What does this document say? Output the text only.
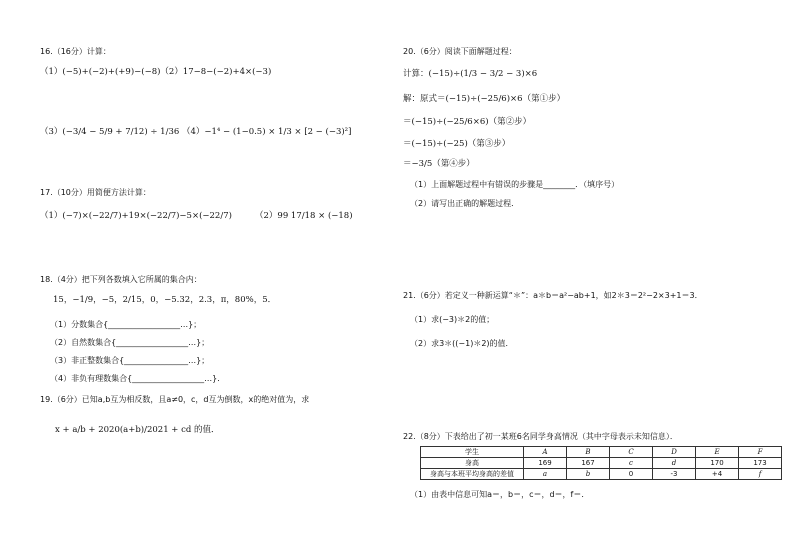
16.（16分）计算：
（1）(−5)+(−2)+(+9)−(−8)（2）17−8−(−2)+4×(−3)
（3）(−3/4 − 5/9 + 7/12) ÷ 1/36 （4）−1⁴ − (1−0.5) × 1/3 × [2 − (−3)²]
17.（10分）用简便方法计算：
（1）(−7)×(−22/7)+19×(−22/7)−5×(−22/7)	（2）99 17/18 × (−18)
18.（4分）把下列各数填入它所属的集合内：
15，−1/9，−5，2/15，0，−5.32，2.3，π，80%，5．
（1）分数集合{__________________…}；
（2）自然数集合{__________________…}；
（3）非正整数集合{________________…}；
（4）非负有理数集合{__________________…}．
19.（6分）已知a,b互为相反数，且a≠0，c，d互为倒数，x的绝对值为，求
x + a/b + 2020(a+b)/2021 + cd 的值．
20.（6分）阅读下面解题过程：
计算：(−15)÷(1/3 − 3/2 − 3)×6
解：原式＝(−15)÷(−25/6)×6（第①步）
＝(−15)÷(−25/6×6)（第②步）
＝(−15)÷(−25)（第③步）
＝−3/5（第④步）
（1）上面解题过程中有错误的步骤是________．（填序号）
（2）请写出正确的解题过程．
21.（6分）若定义一种新运算“＊”：a＊b＝a²−ab+1，如2＊3＝2²−2×3+1＝3．
（1）求(−3)＊2的值；
（2）求3＊((−1)＊2)的值．
22.（8分）下表给出了初一某班6名同学身高情况（其中字母表示未知信息）．
学生	A	B	C	D	E	F
身高	169	167	c	d	170	173
身高与本班平均身高的差值	a	b	0	-3	+4	f
（1）由表中信息可知a＝，b＝，c＝，d＝，f＝．
